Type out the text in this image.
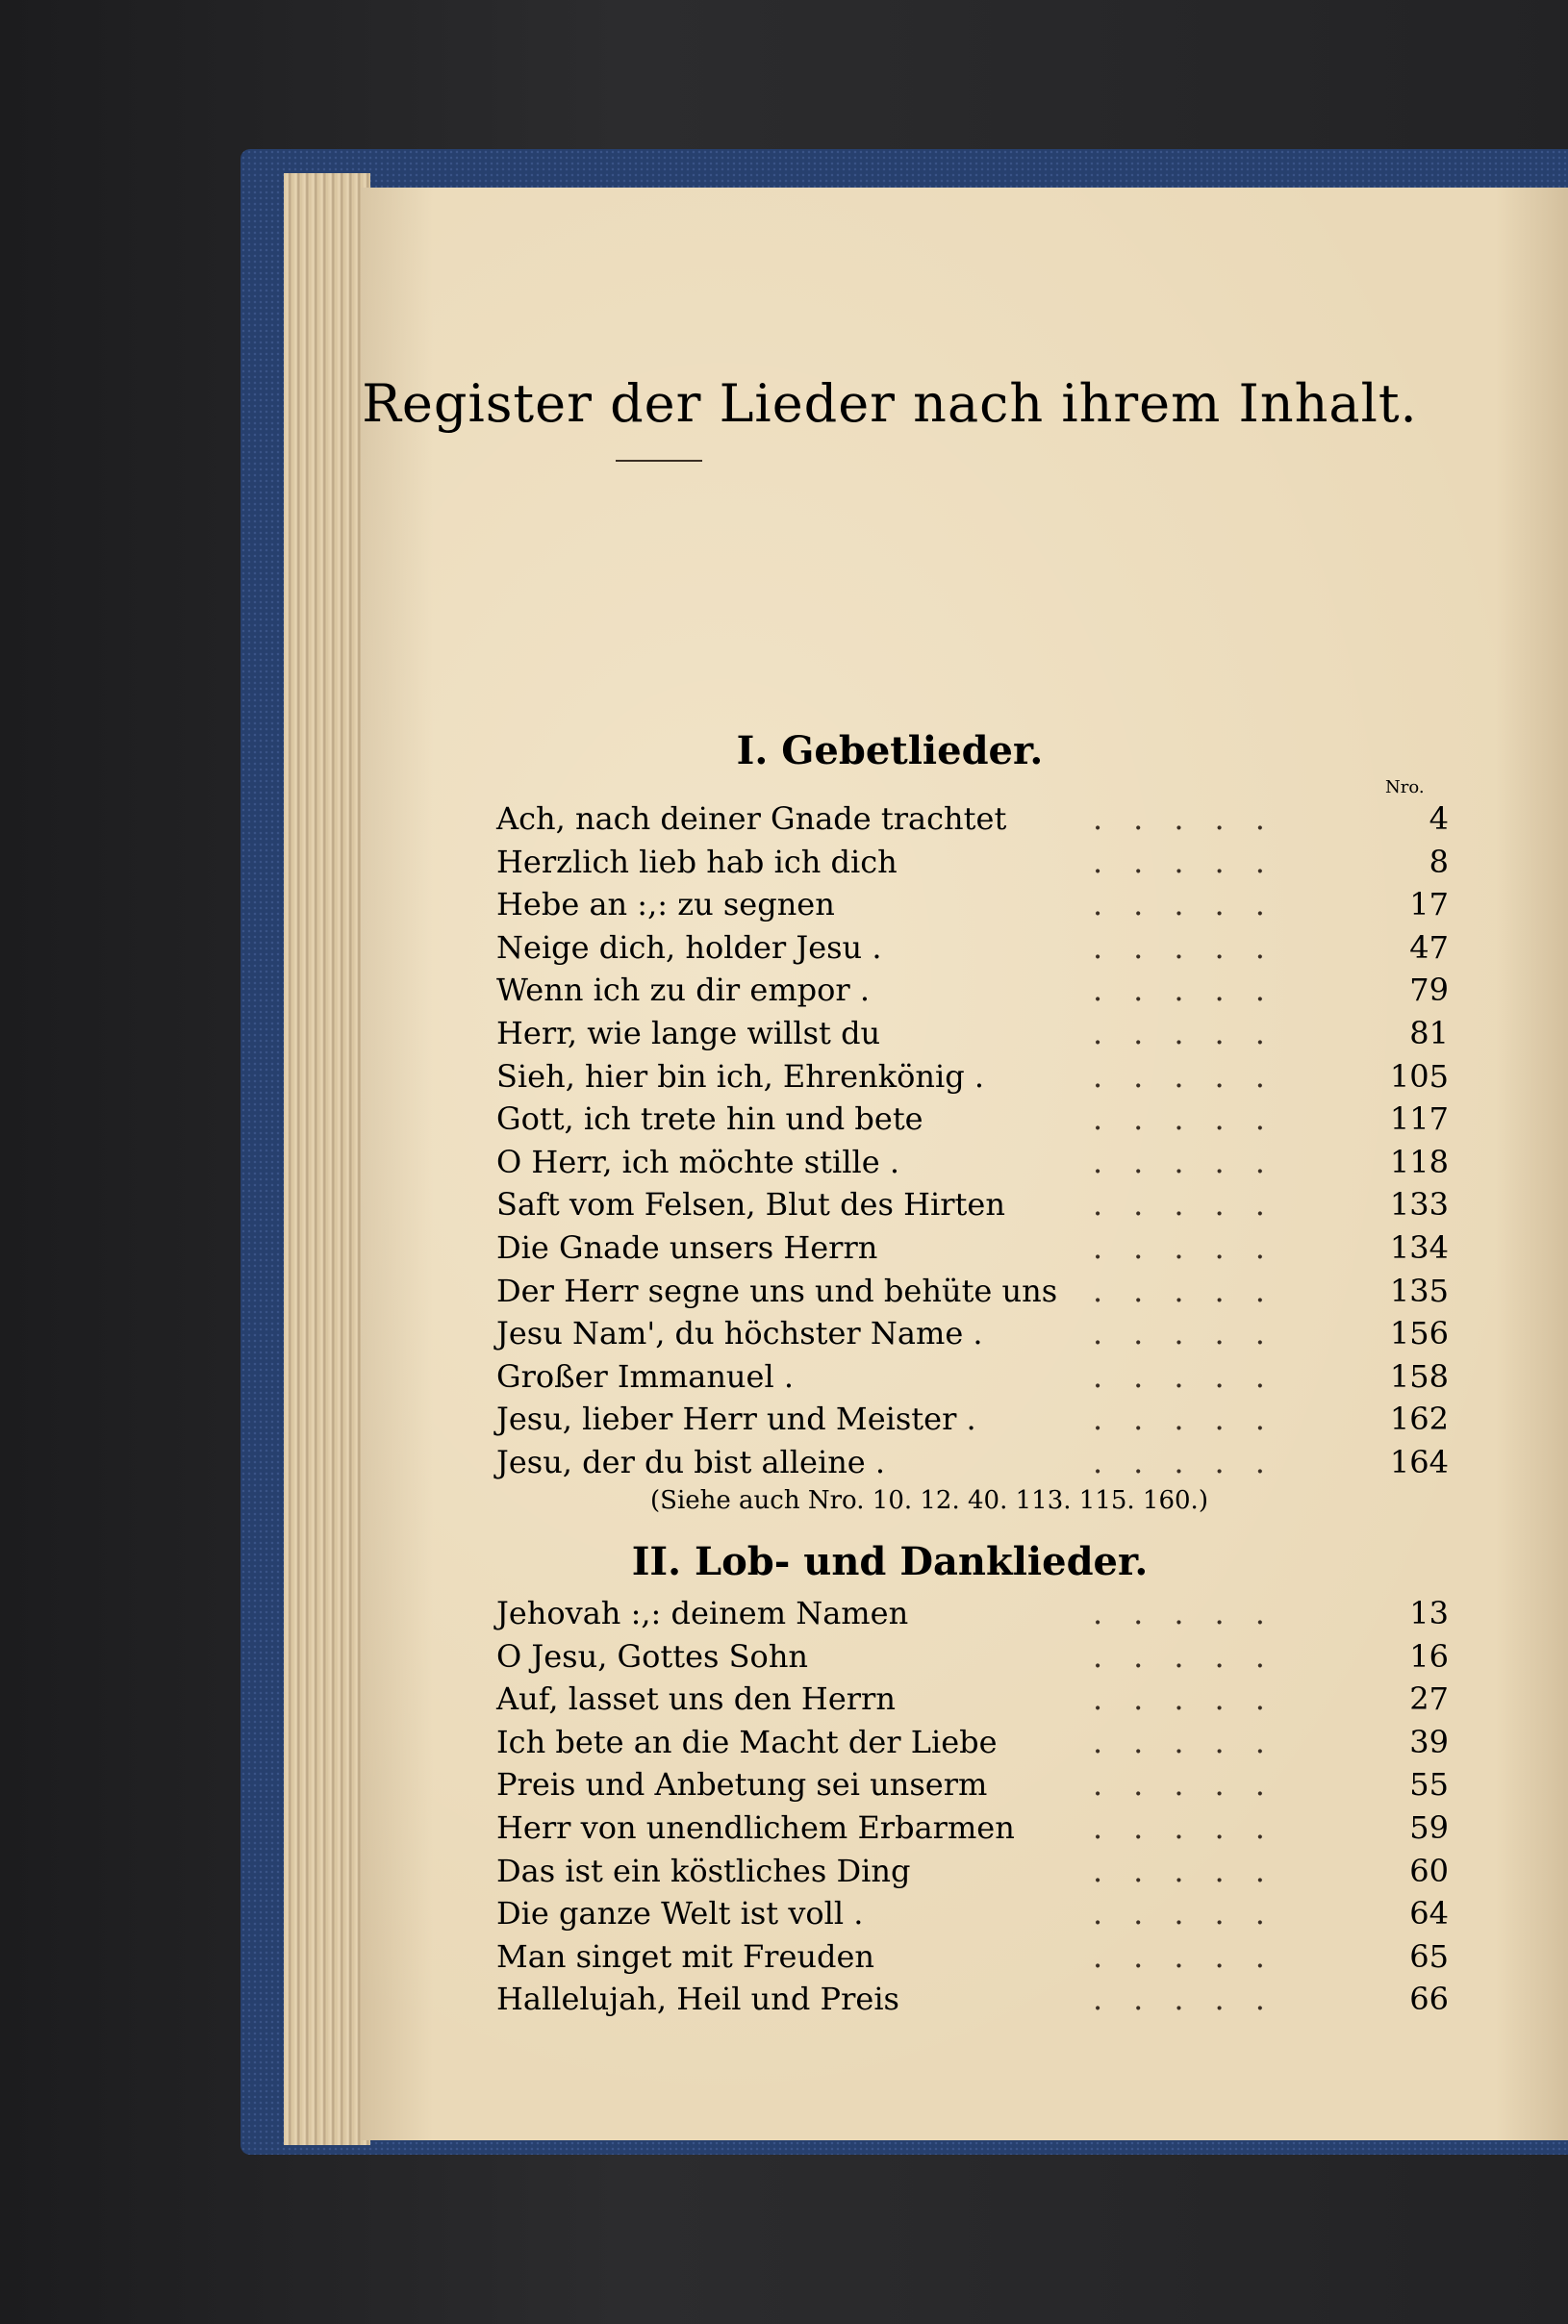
Register der Lieder nach ihrem Inhalt.
I. Gebetlieder.
Nro.
Ach, nach deiner Gnade trachtet	.....	4
Herzlich lieb hab ich dich	.....	8
Hebe an :,: zu segnen	.....	17
Neige dich, holder Jesu .	.....	47
Wenn ich zu dir empor .	.....	79
Herr, wie lange willst du	.....	81
Sieh, hier bin ich, Ehrenkönig .	.....	105
Gott, ich trete hin und bete	.....	117
O Herr, ich möchte stille .	.....	118
Saft vom Felsen, Blut des Hirten	.....	133
Die Gnade unsers Herrn	.....	134
Der Herr segne uns und behüte uns .....	135
Jesu Nam', du höchster Name .	.....	156
Großer Immanuel .	.....	158
Jesu, lieber Herr und Meister .	.....	162
Jesu, der du bist alleine .	.....	164
(Siehe auch Nro. 10. 12. 40. 113. 115. 160.)
II. Lob- und Danklieder.
Jehovah :,: deinem Namen	.....	13
O Jesu, Gottes Sohn	.....	16
Auf, lasset uns den Herrn	.....	27
Ich bete an die Macht der Liebe	.....	39
Preis und Anbetung sei unserm	.....	55
Herr von unendlichem Erbarmen	.....	59
Das ist ein köstliches Ding	.....	60
Die ganze Welt ist voll .	.....	64
Man singet mit Freuden	.....	65
Hallelujah, Heil und Preis	.....	66
